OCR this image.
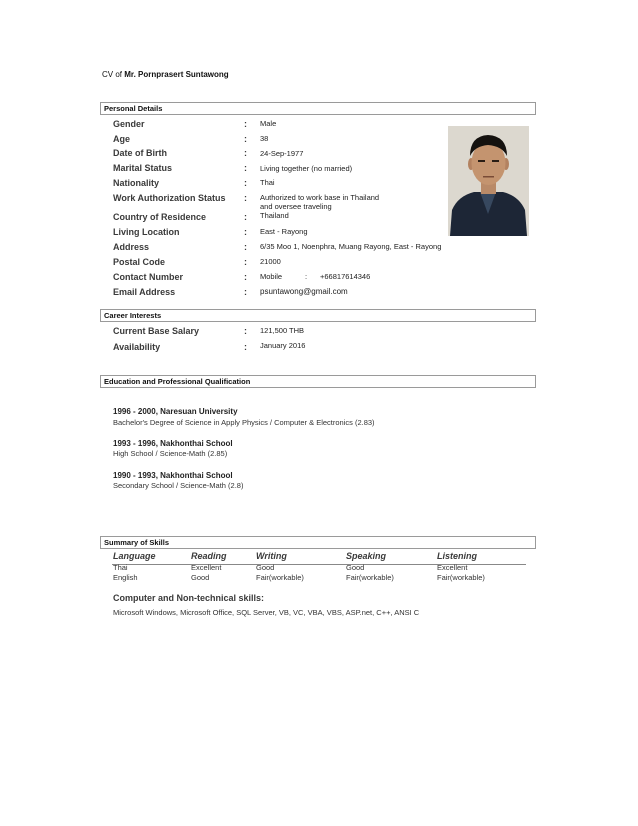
CV of Mr. Pornprasert Suntawong
Personal Details
Gender	: Male
Age	: 38
Date of Birth	: 24-Sep-1977
Marital Status	: Living together (no married)
Nationality	: Thai
Work Authorization Status : Authorized to work base in Thailand
and oversee traveling
Country of Residence	: Thailand
Living Location	: East - Rayong
Address	: 6/35 Moo 1, Noenphra, Muang Rayong, East - Rayong
Postal Code	: 21000
Contact Number	: Mobile	: +66817614346
Email Address	: psuntawong@gmail.com
Career Interests
Current Base Salary	: 121,500 THB
Availability	: January 2016
Education and Professional Qualification
1996 - 2000, Naresuan University
Bachelor's Degree of Science in Apply Physics / Computer & Electronics (2.83)
1993 - 1996, Nakhonthai School
High School / Science-Math (2.85)
1990 - 1993, Nakhonthai School
Secondary School / Science-Math (2.8)
Summary of Skills
Language	Reading	Writing	Speaking	Listening
Thai	Excellent	Good	Good	Excellent
English	Good	Fair(workable)	Fair(workable)	Fair(workable)
Computer and Non-technical skills:
Microsoft Windows, Microsoft Office, SQL Server, VB, VC, VBA, VBS, ASP.net, C++, ANSI C
